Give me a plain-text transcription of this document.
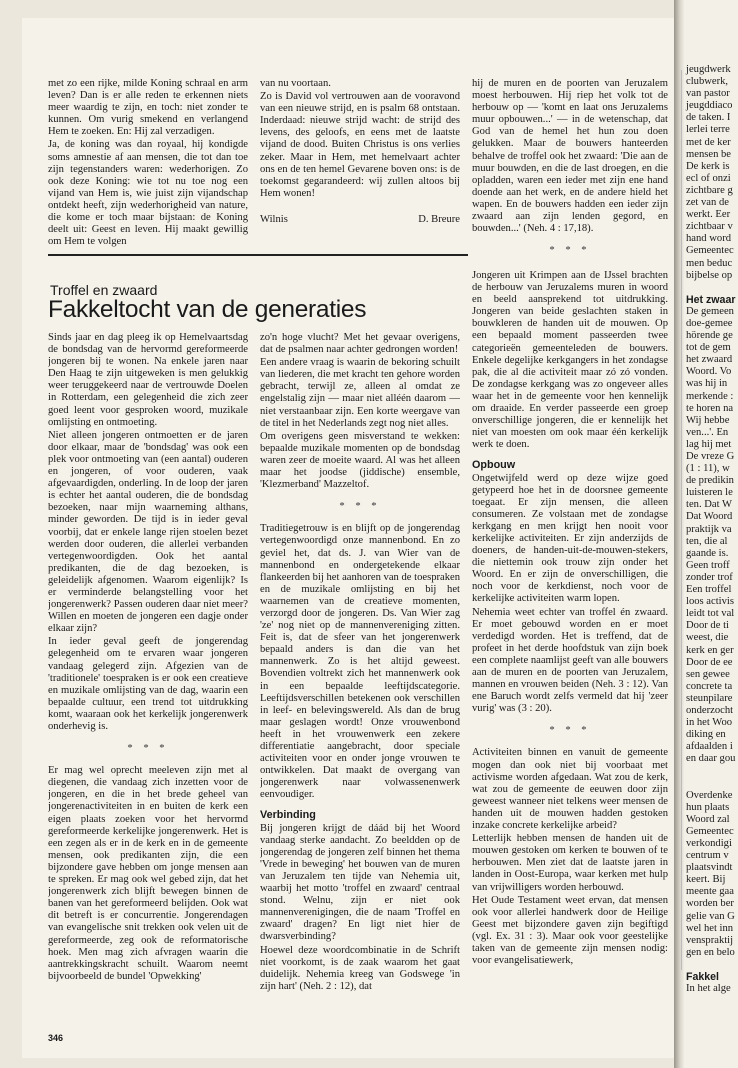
met zo een rijke, milde Koning schraal en arm leven? Dan is er alle reden te erkennen niets meer waardig te zijn, en toch: niet zonder te kunnen. Om vurig smekend en verlangend Hem te zoeken. En: Hij zal verzadigen.

Ja, de koning was dan royaal, hij kondigde soms amnestie af aan mensen, die tot dan toe zijn tegenstanders waren: wederhorigen. Zo ook deze Koning: wie tot nu toe nog een vijand van Hem is, wie juist zijn vijandschap ontdekt heeft, zijn wederhorigheid van nature, die kome er toch maar bijstaan: de Koning deelt uit: Geest en leven. Hij maakt gewillig om Hem te volgen

van nu voortaan.

Zo is David vol vertrouwen aan de vooravond van een nieuwe strijd, en is psalm 68 ontstaan. Inderdaad: nieuwe strijd wacht: de strijd des levens, des geloofs, en eens met de laatste vijand de dood. Buiten Christus is ons verlies zeker. Maar in Hem, met hemelvaart achter ons en de ten hemel Gevarene boven ons: is de toekomst gegarandeerd: wij zullen altoos bij Hem wonen!

Wilnis	D. Breure

hij de muren en de poorten van Jeruzalem moest herbouwen. Hij riep het volk tot de herbouw op — 'komt en laat ons Jeruzalems muur opbouwen...' — in de wetenschap, dat God van de hemel het hun zou doen gelukken. Maar de bouwers hanteerden behalve de troffel ook het zwaard: 'Die aan de muur bouwden, en die de last droegen, en die opladden, waren een ieder met zijn ene hand doende aan het werk, en de andere hield het wapen. En de bouwers hadden een ieder zijn zwaard aan zijn lenden gegord, en bouwden...' (Neh. 4 : 17,18).

* * *
Troffel en zwaard
Fakkeltocht van de generaties

Sinds jaar en dag pleeg ik op Hemelvaartsdag de bondsdag van de hervormd gereformeerde jongeren bij te wonen. Na enkele jaren naar Den Haag te zijn uitgeweken is men gelukkig weer teruggekeerd naar de vertrouwde Doelen in Rotterdam, een gelegenheid die zich zeer goed leent voor gesproken woord, muzikale omlijsting en ontmoeting.

Niet alleen jongeren ontmoetten er de jaren door elkaar, maar de 'bondsdag' was ook een plek voor ontmoeting van (een aantal) ouderen en jongeren, of voor ouderen, vaak afgevaardigden, onderling. In de loop der jaren is echter het aantal ouderen, die de bondsdag bezoeken, naar mijn waarneming althans, minder geworden. De tijd is in ieder geval voorbij, dat er enkele lange rijen stoelen bezet werden door ouderen, die allerlei verbanden vertegenwoordigden. Ook het aantal predikanten, die de dag bezoeken, is geleidelijk afgenomen. Waarom eigenlijk? Is er verminderde belangstelling voor het jongerenwerk? Passen ouderen daar niet meer? Willen en moeten de jongeren een dagje onder elkaar zijn?

In ieder geval geeft de jongerendag gelegenheid om te ervaren waar jongeren vandaag gelegerd zijn. Afgezien van de 'traditionele' toespraken is er ook een creatieve en muzikale omlijsting van de dag, waarin een bepaalde cultuur, een trend tot uitdrukking komt, waaraan ook het kerkelijk jongerenwerk onderhevig is.

* * *

Er mag wel oprecht meeleven zijn met al diegenen, die vandaag zich inzetten voor de jongeren, en die in het brede geheel van jongerenactiviteiten in en buiten de kerk een eigen plaats zoeken voor het hervormd gereformeerde kerkelijke jongerenwerk. Het is een zegen als er in de kerk en in de gemeente mensen, ook predikanten zijn, die een bijzondere gave hebben om jonge mensen aan te spreken. Er mag ook wel gebed zijn, dat het jongerenwerk zich blijft bewegen binnen de banen van het gereformeerd belijden. Ook wat dit betreft is er concurrentie. Jongerendagen van evangelische snit trekken ook velen uit de gereformeerde, zeg ook de reformatorische hoek. Men mag zich afvragen waarin die aantrekkingskracht schuilt. Waarom neemt bijvoorbeeld de bundel 'Opwekking'

zo'n hoge vlucht? Met het gevaar overigens, dat de psalmen naar achter gedrongen worden!

Een andere vraag is waarin de bekoring schuilt van liederen, die met kracht ten gehore worden gebracht, terwijl ze, alleen al omdat ze engelstalig zijn — maar niet alléén daarom — niet verstaanbaar zijn. Een korte weergave van de titel in het Nederlands zegt nog niet alles.

Om overigens geen misverstand te wekken: bepaalde muzikale momenten op de bondsdag waren zeer de moeite waard. Al was het alleen maar het joodse (jiddische) ensemble, 'Klezmerband' Mazzeltof.

* * *

Traditiegetrouw is en blijft op de jongerendag vertegenwoordigd onze mannenbond. En zo geviel het, dat ds. J. van Wier van de mannenbond en ondergetekende elkaar flankeerden bij het aanhoren van de toespraken en de muzikale omlijsting en bij het waarnemen van de creatieve momenten, verzorgd door de jongeren. Ds. Van Wier zag 'ze' nog niet op de mannenvereniging zitten. Feit is, dat de sfeer van het jongerenwerk bepaald anders is dan die van het mannenwerk. Zo is het altijd geweest. Bovendien voltrekt zich het mannenwerk ook in een bepaalde leeftijdscategorie. Leeftijdsverschillen betekenen ook verschillen in leef- en belevingswereld. Als dan de brug maar geslagen wordt! Onze vrouwenbond heeft in het vrouwenwerk een zekere differentiatie aangebracht, door speciale activiteiten voor en onder jonge vrouwen te ontwikkelen. Dat maakt de overgang van jongerenwerk naar volwassenenwerk eenvoudiger.

Verbinding

Bij jongeren krijgt de dáád bij het Woord vandaag sterke aandacht. Zo beeldden op de jongerendag de jongeren zelf binnen het thema 'Vrede in beweging' het bouwen van de muren van Jeruzalem ten tijde van Nehemia uit, waarbij het motto 'troffel en zwaard' centraal stond. Welnu, zijn er niet ook mannenverenigingen, die de naam 'Troffel en zwaard' dragen? En ligt niet hier de dwarsverbinding?

Hoewel deze woordcombinatie in de Schrift niet voorkomt, is de zaak waarom het gaat duidelijk. Nehemia kreeg van Godswege 'in zijn hart' (Neh. 2 : 12), dat

Jongeren uit Krimpen aan de IJssel brachten de herbouw van Jeruzalems muren in woord en beeld aansprekend tot uitdrukking. Jongeren van beide geslachten staken in bouwkleren de handen uit de mouwen. Op een bepaald moment passeerden twee categorieën gemeenteleden de bouwers. Enkele degelijke kerkgangers in het zondagse pak, die al die activiteit maar zó zó vonden. De zondagse kerkgang was zo ongeveer alles waar het in de gemeente voor hen kennelijk om draaide. En verder passeerde een groep onverschillige jongeren, die er kennelijk het niet van moesten om ook maar één kerkelijk werk te doen.

Opbouw

Ongetwijfeld werd op deze wijze goed getypeerd hoe het in de doorsnee gemeente toegaat. Er zijn mensen, die alleen consumeren. Ze volstaan met de zondagse kerkgang en men krijgt hen nooit voor kerkelijke activiteiten. Er zijn anderzijds de doeners, de handen-uit-de-mouwen-stekers, die niettemin ook trouw zijn onder het Woord. En er zijn de onverschilligen, die noch voor de kerkdienst, noch voor de kerkelijke activiteiten warm lopen.

Nehemia weet echter van troffel én zwaard. Er moet gebouwd worden en er moet verdedigd worden. Het is treffend, dat de profeet in het derde hoofdstuk van zijn boek een complete naamlijst geeft van alle bouwers aan de muren en de poorten van Jeruzalem, mannen en vrouwen beiden (Neh. 3 : 12). Van ene Baruch wordt zelfs vermeld dat hij 'zeer vurig' was (3 : 20).

* * *

Activiteiten binnen en vanuit de gemeente mogen dan ook niet bij voorbaat met activisme worden afgedaan. Wat zou de kerk, wat zou de gemeente de eeuwen door zijn geweest wanneer niet telkens weer mensen de handen uit de mouwen hadden gestoken inzake concrete kerkelijke arbeid?

Letterlijk hebben mensen de handen uit de mouwen gestoken om kerken te bouwen of te herbouwen. Men ziet dat de laatste jaren in landen in Oost-Europa, waar kerken met hulp van vrijwilligers worden herbouwd.

Het Oude Testament weet ervan, dat mensen ook voor allerlei handwerk door de Heilige Geest met bijzondere gaven zijn begiftigd (vgl. Ex. 31 : 3). Maar ook voor geestelijke taken van de gemeente zijn mensen nodig: voor evangelisatiewerk,

346
jeugdwerk
clubwerk,
van pastor
jeugddiaco
de taken. I
lerlei terre
met de ker
mensen be
De kerk is
ecl of onzi
zichtbare g
zet van de
werkt. Eer
zichtbaar v
hand word
Gemeentec
men beduc
bijbelse op
Het zwaar
De gemeen
doe-gemee
hörende ge
tot de gem
het zwaard
Woord. Vo
was hij in
merkende :
te horen na
Wij hebbe
ven...'. En
lag hij met
De vreze G
(1 : 11), w
de predikin
luisteren le
ten. Dat W
Dat Woord
praktijk va
ten, die al
gaande is.
Geen troff
zonder trof
Een troffel
loos activis
leidt tot val
Door de ti
weest, die
kerk en ger
Door de ee
sen gewee
concrete ta
steunpilare
onderzocht
in het Woo
diking en
afdaalden i
en daar gou
Overdenke
hun plaats
Woord zal
Gemeentec
verkondigi
centrum v
plaatsvindt
keert. Bij
meente gaa
worden ber
gelie van G
wel het inn
venspraktij
gen en belo
Fakkel
In het alge
